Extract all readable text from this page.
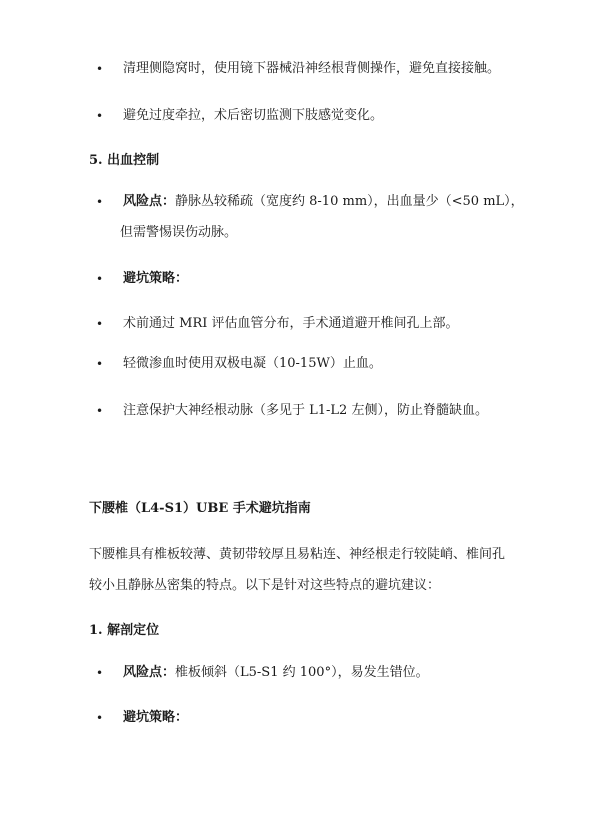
• 清理侧隐窝时，使用镜下器械沿神经根背侧操作，避免直接接触。
• 避免过度牵拉，术后密切监测下肢感觉变化。
5. 出血控制
• 风险点：静脉丛较稀疏（宽度约 8-10 mm），出血量少（<50 mL），
但需警惕误伤动脉。
• 避坑策略：
• 术前通过 MRI 评估血管分布，手术通道避开椎间孔上部。
• 轻微渗血时使用双极电凝（10-15W）止血。
• 注意保护大神经根动脉（多见于 L1-L2 左侧），防止脊髓缺血。
下腰椎（L4-S1）UBE 手术避坑指南
下腰椎具有椎板较薄、黄韧带较厚且易粘连、神经根走行较陡峭、椎间孔
较小且静脉丛密集的特点。以下是针对这些特点的避坑建议：
1. 解剖定位
• 风险点：椎板倾斜（L5-S1 约 100°），易发生错位。
• 避坑策略：
